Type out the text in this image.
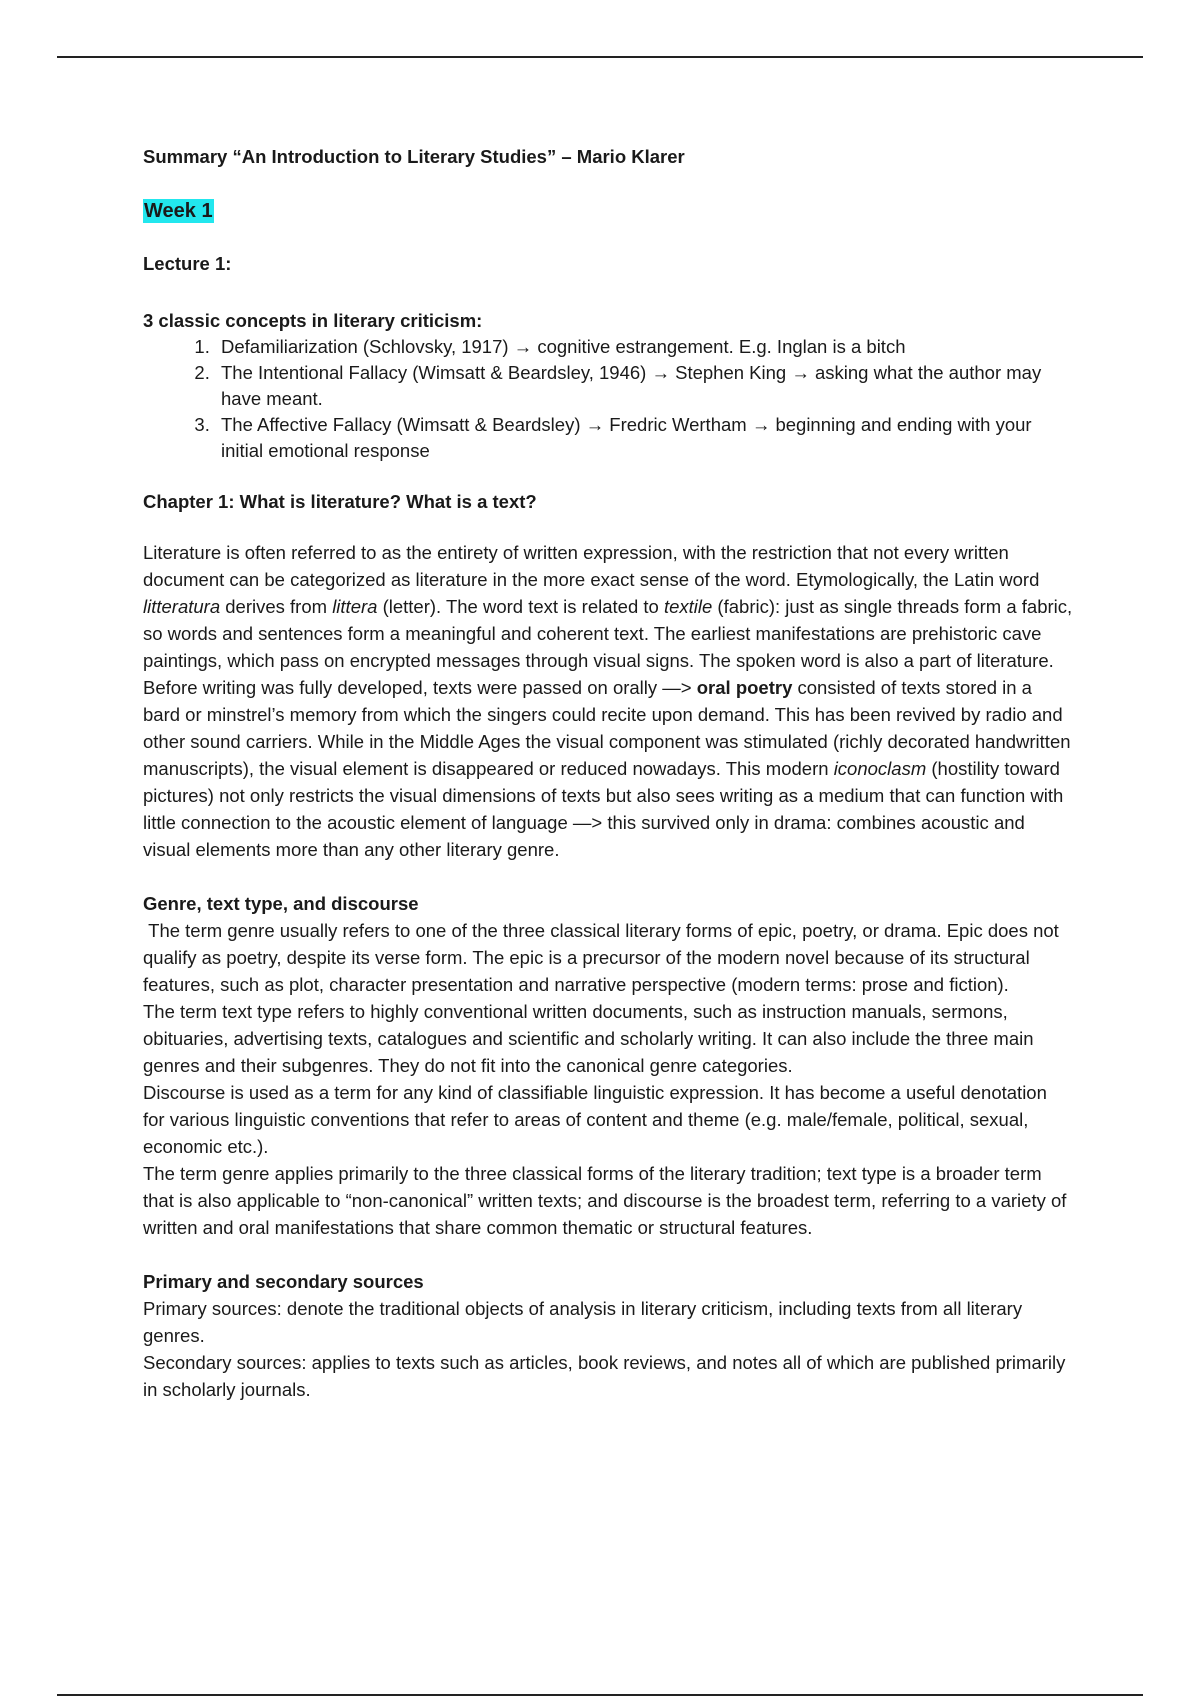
Summary “An Introduction to Literary Studies” – Mario Klarer

Week 1

Lecture 1:

3 classic concepts in literary criticism:

1. Defamiliarization (Schlovsky, 1917) → cognitive estrangement. E.g. Inglan is a bitch
2. The Intentional Fallacy (Wimsatt & Beardsley, 1946) → Stephen King → asking what the author may have meant.
3. The Affective Fallacy (Wimsatt & Beardsley) → Fredric Wertham → beginning and ending with your initial emotional response

Chapter 1: What is literature? What is a text?

Literature is often referred to as the entirety of written expression, with the restriction that not every written document can be categorized as literature in the more exact sense of the word. Etymologically, the Latin word litteratura derives from littera (letter). The word text is related to textile (fabric): just as single threads form a fabric, so words and sentences form a meaningful and coherent text. The earliest manifestations are prehistoric cave paintings, which pass on encrypted messages through visual signs. The spoken word is also a part of literature. Before writing was fully developed, texts were passed on orally —> oral poetry consisted of texts stored in a bard or minstrel’s memory from which the singers could recite upon demand. This has been revived by radio and other sound carriers. While in the Middle Ages the visual component was stimulated (richly decorated handwritten manuscripts), the visual element is disappeared or reduced nowadays. This modern iconoclasm (hostility toward pictures) not only restricts the visual dimensions of texts but also sees writing as a medium that can function with little connection to the acoustic element of language —> this survived only in drama: combines acoustic and visual elements more than any other literary genre.

Genre, text type, and discourse

The term genre usually refers to one of the three classical literary forms of epic, poetry, or drama. Epic does not qualify as poetry, despite its verse form. The epic is a precursor of the modern novel because of its structural features, such as plot, character presentation and narrative perspective (modern terms: prose and fiction).

The term text type refers to highly conventional written documents, such as instruction manuals, sermons, obituaries, advertising texts, catalogues and scientific and scholarly writing. It can also include the three main genres and their subgenres. They do not fit into the canonical genre categories.

Discourse is used as a term for any kind of classifiable linguistic expression. It has become a useful denotation for various linguistic conventions that refer to areas of content and theme (e.g. male/female, political, sexual, economic etc.).

The term genre applies primarily to the three classical forms of the literary tradition; text type is a broader term that is also applicable to “non-canonical” written texts; and discourse is the broadest term, referring to a variety of written and oral manifestations that share common thematic or structural features.

Primary and secondary sources

Primary sources: denote the traditional objects of analysis in literary criticism, including texts from all literary genres.

Secondary sources: applies to texts such as articles, book reviews, and notes all of which are published primarily in scholarly journals.
